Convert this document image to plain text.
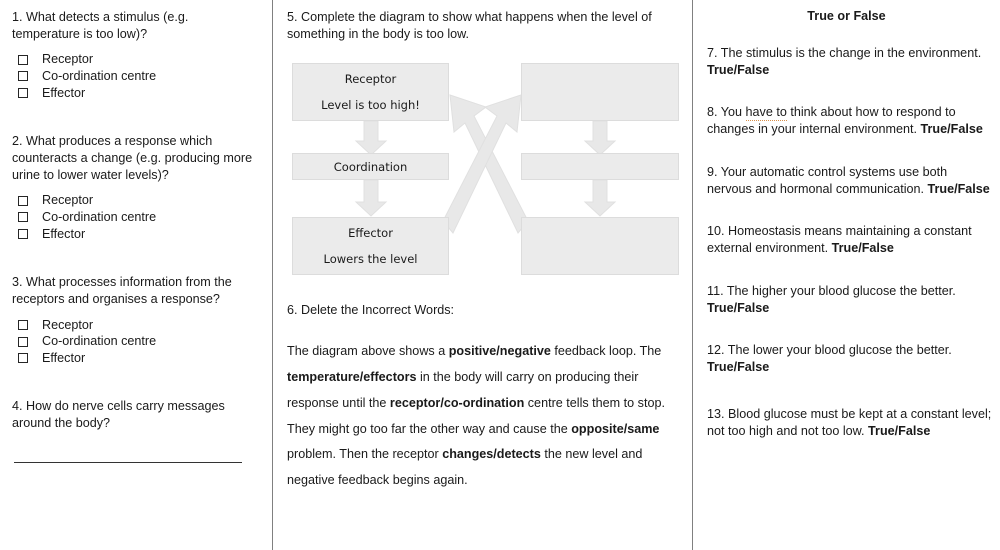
1. What detects a stimulus (e.g. temperature is too low)?

Receptor
Co-ordination centre
Effector

2. What produces a response which counteracts a change (e.g. producing more urine to lower water levels)?

Receptor
Co-ordination centre
Effector

3. What processes information from the receptors and organises a response?

Receptor
Co-ordination centre
Effector

4. How do nerve cells carry messages around the body?

5. Complete the diagram to show what happens when the level of something in the body is too low.

Receptor
Level is too high!
Coordination
Effector
Lowers the level

6. Delete the Incorrect Words:

The diagram above shows a positive/negative feedback loop. The temperature/effectors in the body will carry on producing their response until the receptor/co-ordination centre tells them to stop. They might go too far the other way and cause the opposite/same problem. Then the receptor changes/detects the new level and negative feedback begins again.

True or False

7. The stimulus is the change in the environment. True/False

8. You have to think about how to respond to changes in your internal environment. True/False

9. Your automatic control systems use both nervous and hormonal communication. True/False

10. Homeostasis means maintaining a constant external environment. True/False

11. The higher your blood glucose the better. True/False

12. The lower your blood glucose the better. True/False

13. Blood glucose must be kept at a constant level; not too high and not too low. True/False
